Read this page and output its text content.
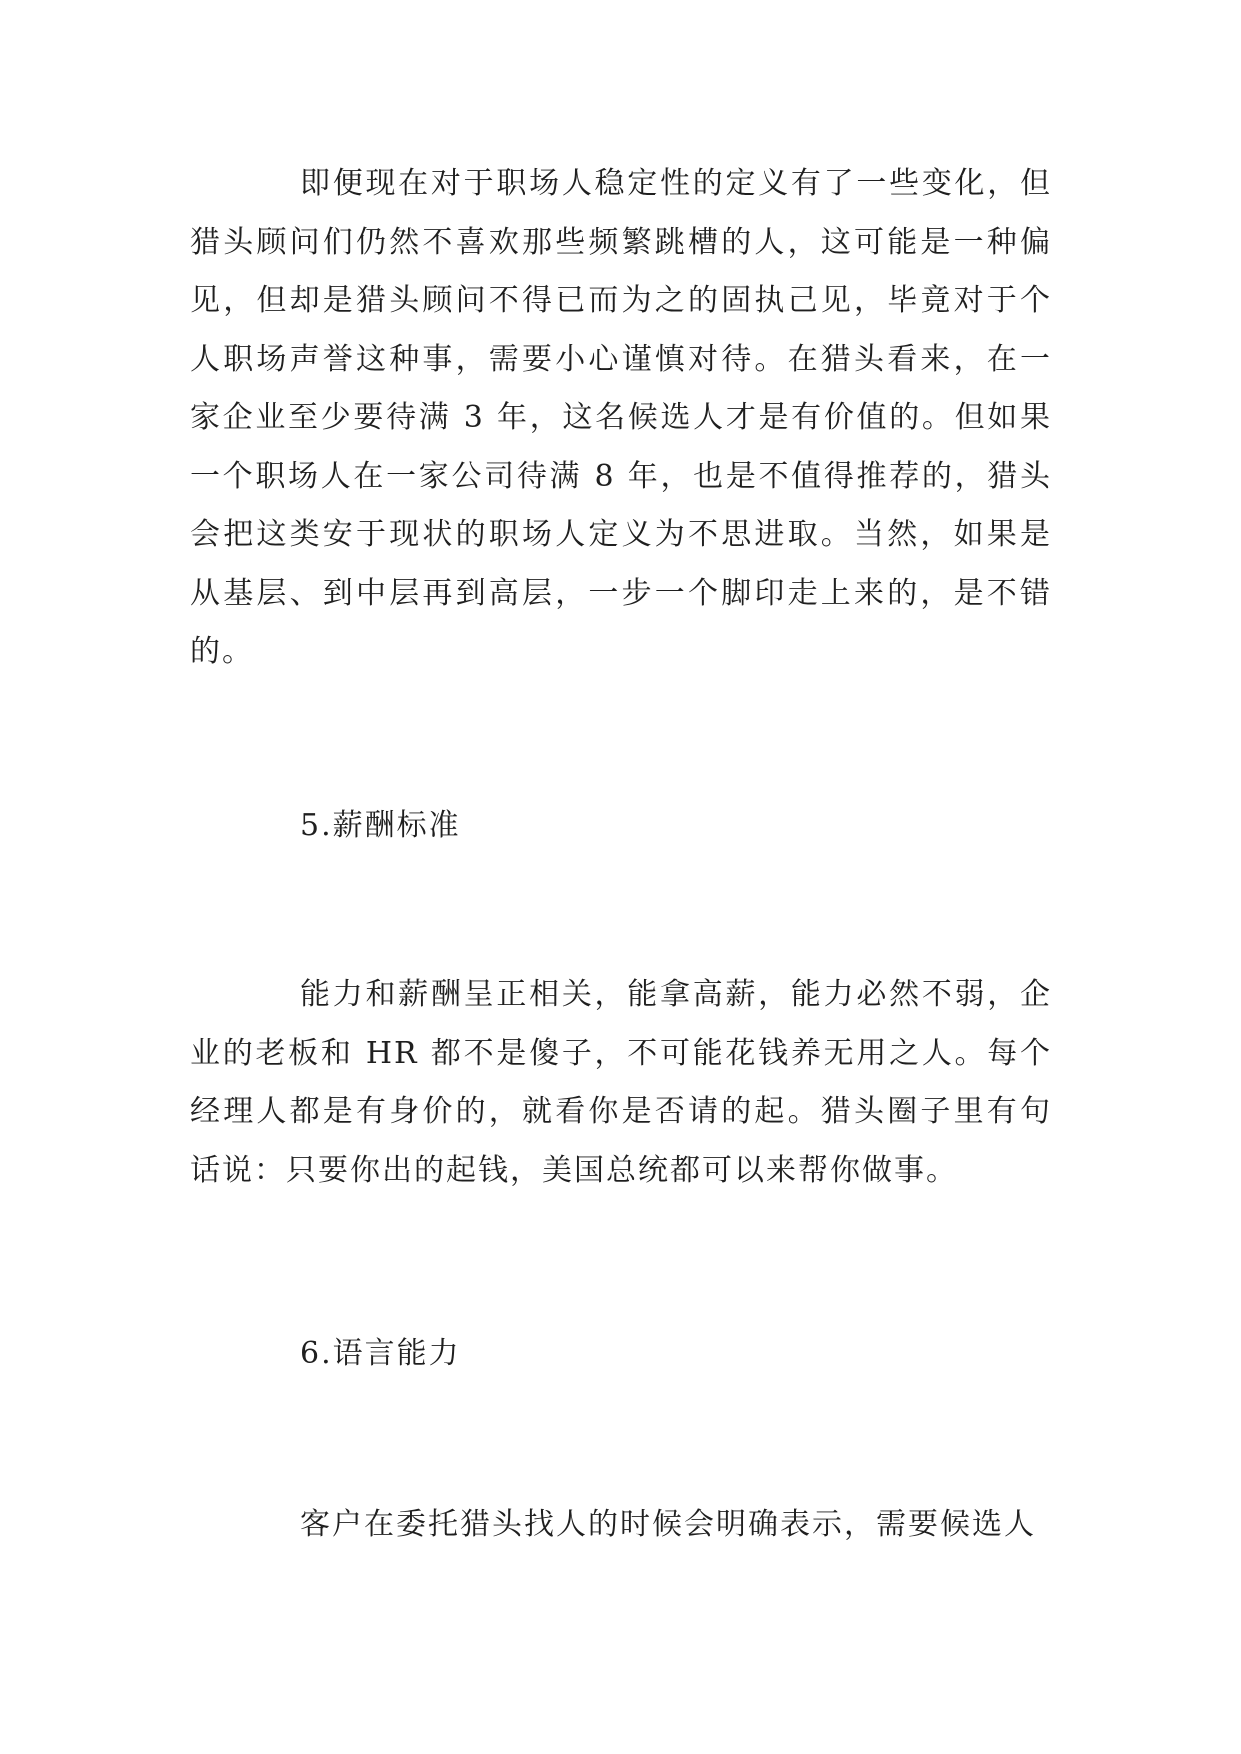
即便现在对于职场人稳定性的定义有了一些变化，但猎头顾问们仍然不喜欢那些频繁跳槽的人，这可能是一种偏见，但却是猎头顾问不得已而为之的固执己见，毕竟对于个人职场声誉这种事，需要小心谨慎对待。在猎头看来，在一家企业至少要待满 3 年，这名候选人才是有价值的。但如果一个职场人在一家公司待满 8 年，也是不值得推荐的，猎头会把这类安于现状的职场人定义为不思进取。当然，如果是从基层、到中层再到高层，一步一个脚印走上来的，是不错的。

5.薪酬标准

能力和薪酬呈正相关，能拿高薪，能力必然不弱，企业的老板和 HR 都不是傻子，不可能花钱养无用之人。每个经理人都是有身价的，就看你是否请的起。猎头圈子里有句话说：只要你出的起钱，美国总统都可以来帮你做事。

6.语言能力

客户在委托猎头找人的时候会明确表示，需要候选人
